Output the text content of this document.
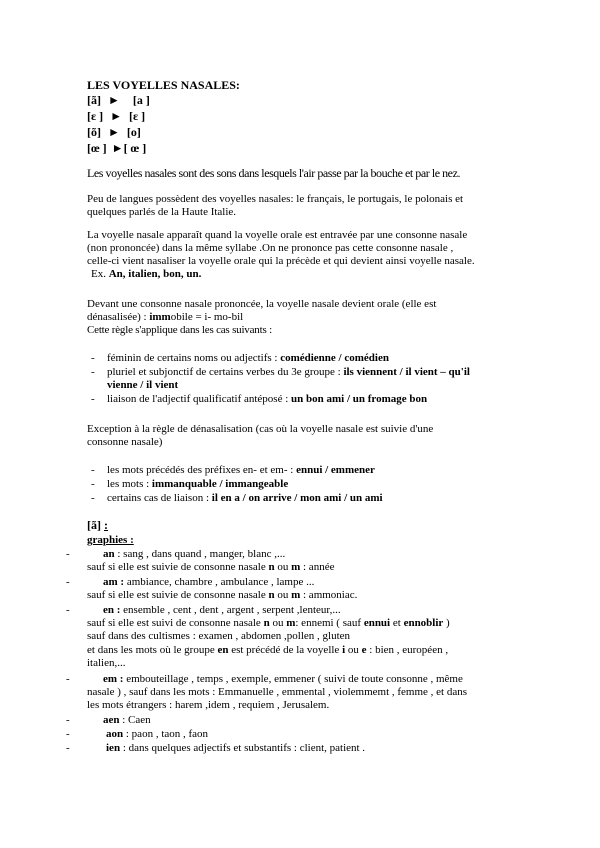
LES VOYELLES NASALES:
[ã] ► [a ]
[ɛ ] ► [ɛ ]
[õ] ► [o]
[œ ] ►[ œ ]
Les voyelles nasales sont des sons dans lesquels l'air passe par la bouche et par le nez.
Peu de langues possèdent des voyelles nasales: le français, le portugais, le polonais et
quelques parlés de la Haute Italie.
La voyelle nasale apparaît quand la voyelle orale est entravée par une consonne nasale
(non prononcée) dans la même syllabe .On ne prononce pas cette consonne nasale ,
celle-ci vient nasaliser la voyelle orale qui la précède et qui devient ainsi voyelle nasale.
Ex. An, italien, bon, un.
Devant une consonne nasale prononcée, la voyelle nasale devient orale (elle est
dénasalisée) : immobile = i- mo-bil
Cette règle s'applique dans les cas suivants :
- féminin de certains noms ou adjectifs : comédienne / comédien
- pluriel et subjonctif de certains verbes du 3e groupe : ils viennent / il vient – qu'il
vienne / il vient
- liaison de l'adjectif qualificatif antéposé : un bon ami / un fromage bon
Exception à la règle de dénasalisation (cas où la voyelle nasale est suivie d'une
consonne nasale)
- les mots précédés des préfixes en- et em- : ennui / emmener
- les mots : immanquable / immangeable
- certains cas de liaison : il en a / on arrive / mon ami / un ami
[ã] :
graphies :
-	an : sang , dans quand , manger, blanc ,...
sauf si elle est suivie de consonne nasale n ou m : année
-	am : ambiance, chambre , ambulance , lampe ...
sauf si elle est suivie de consonne nasale n ou m : ammoniac.
-	en : ensemble , cent , dent , argent , serpent ,lenteur,...
sauf si elle est suivi de consonne nasale n ou m: ennemi ( sauf ennui et ennoblir )
sauf dans des cultismes : examen , abdomen ,pollen , gluten
et dans les mots où le groupe en est précédé de la voyelle i ou e : bien , européen ,
italien,...
-	em : embouteillage , temps , exemple, emmener ( suivi de toute consonne , même
nasale ) , sauf dans les mots : Emmanuelle , emmental , violemmemt , femme , et dans
les mots étrangers : harem ,idem , requiem , Jerusalem.
-	aen : Caen
-	aon : paon , taon , faon
-	ien : dans quelques adjectifs et substantifs : client, patient .
